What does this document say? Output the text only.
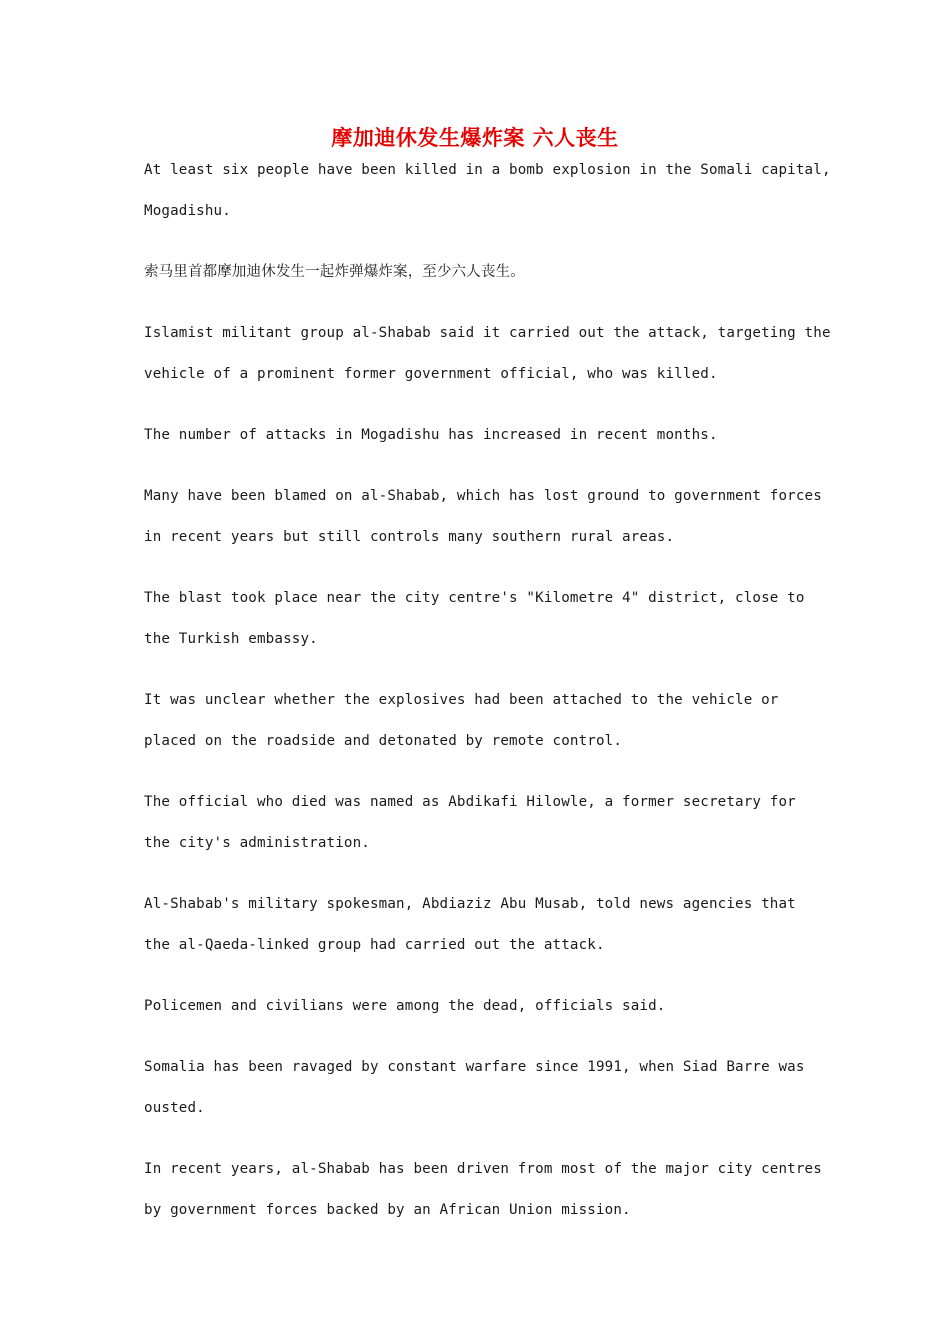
摩加迪休发生爆炸案 六人丧生
At least six people have been killed in a bomb explosion in the Somali capital,
Mogadishu.
索马里首都摩加迪休发生一起炸弹爆炸案，至少六人丧生。
Islamist militant group al-Shabab said it carried out the attack, targeting the
vehicle of a prominent former government official, who was killed.
The number of attacks in Mogadishu has increased in recent months.
Many have been blamed on al-Shabab, which has lost ground to government forces
in recent years but still controls many southern rural areas.
The blast took place near the city centre's "Kilometre 4" district, close to
the Turkish embassy.
It was unclear whether the explosives had been attached to the vehicle or
placed on the roadside and detonated by remote control.
The official who died was named as Abdikafi Hilowle, a former secretary for
the city's administration.
Al-Shabab's military spokesman, Abdiaziz Abu Musab, told news agencies that
the al-Qaeda-linked group had carried out the attack.
Policemen and civilians were among the dead, officials said.
Somalia has been ravaged by constant warfare since 1991, when Siad Barre was
ousted.
In recent years, al-Shabab has been driven from most of the major city centres
by government forces backed by an African Union mission.
